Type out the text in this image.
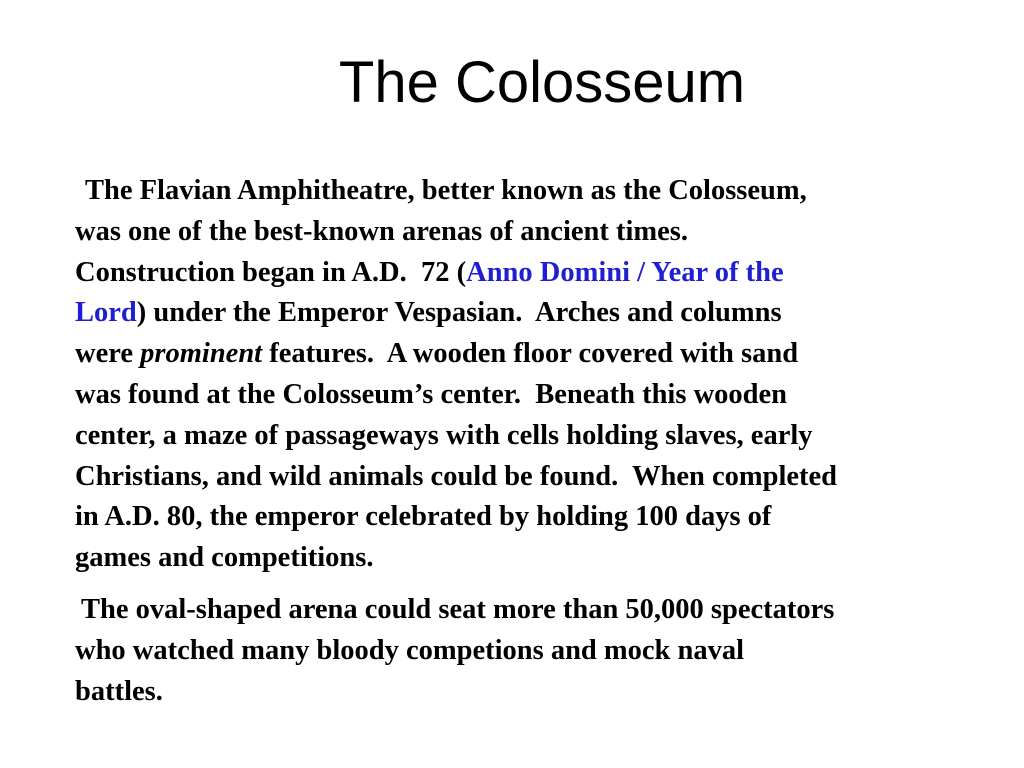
The Colosseum
The Flavian Amphitheatre, better known as the Colosseum,
was one of the best-known arenas of ancient times.
Construction began in A.D.  72 (Anno Domini / Year of the
Lord) under the Emperor Vespasian.  Arches and columns
were prominent features.  A wooden floor covered with sand
was found at the Colosseum’s center.  Beneath this wooden
center, a maze of passageways with cells holding slaves, early
Christians, and wild animals could be found.  When completed
in A.D. 80, the emperor celebrated by holding 100 days of
games and competitions.
The oval-shaped arena could seat more than 50,000 spectators
who watched many bloody competions and mock naval
battles.
